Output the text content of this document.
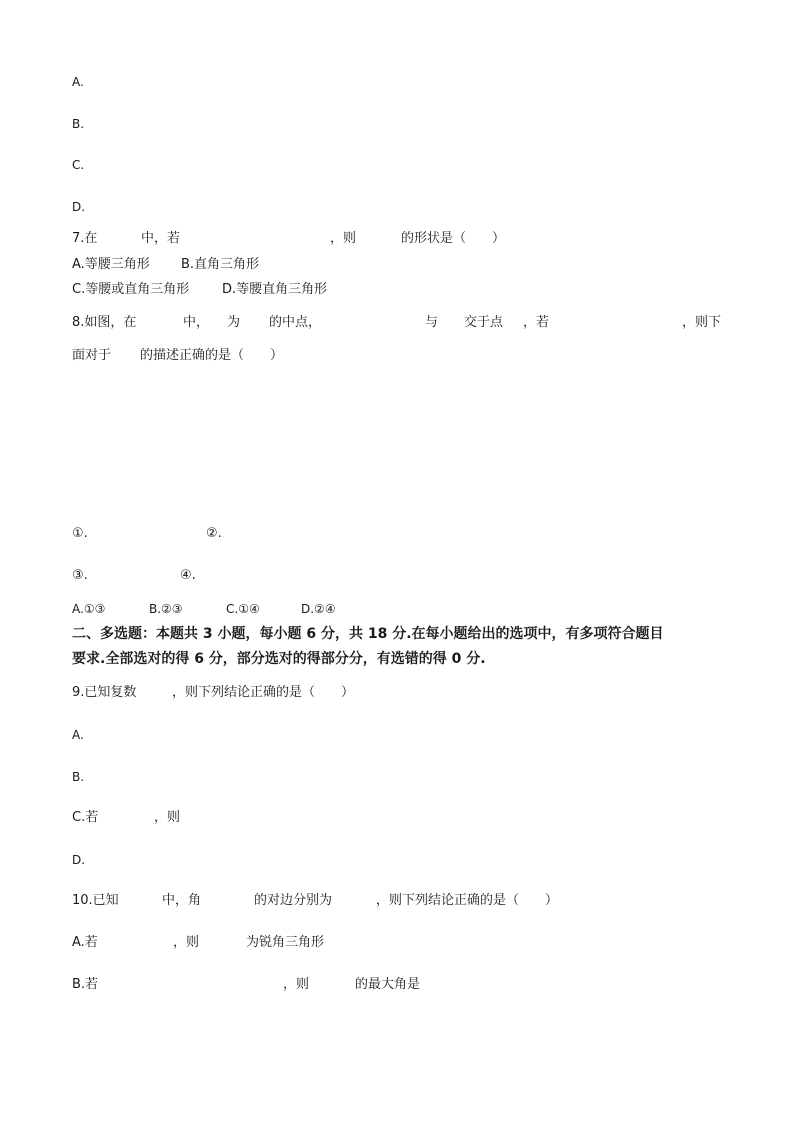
A.
B.
C.
D.
7.在	中，若	，则	的形状是（　　）
A.等腰三角形 B.直角三角形
C.等腰或直角三角形	D.等腰直角三角形
8.如图，在	中， 为 的中点，	与 交于点 ，若	，则下
面对于 的描述正确的是（　　）
①.	②.
③.	④.
A.①③	B.②③	C.①④	D.②④
二、多选题：本题共 3 小题，每小题 6 分，共 18 分.在每小题给出的选项中，有多项符合题目
要求.全部选对的得 6 分，部分选对的得部分分，有选错的得 0 分.
9.已知复数	，则下列结论正确的是（　　）
A.
B.
C.若	，则
D.
10.已知	中，角	的对边分别为	，则下列结论正确的是（　　）
A.若	，则	为锐角三角形
B.若	，则	的最大角是
